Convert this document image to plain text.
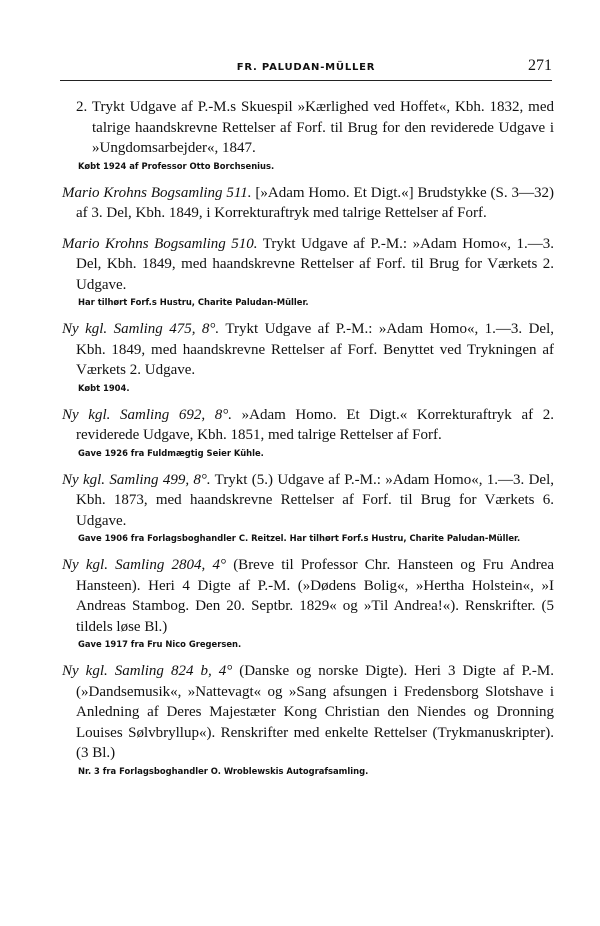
FR. PALUDAN-MÜLLER	271
2. Trykt Udgave af P.-M.s Skuespil »Kærlighed ved Hoffet«, Kbh. 1832, med talrige haandskrevne Rettelser af Forf. til Brug for den reviderede Udgave i »Ungdomsarbejder«, 1847.
Købt 1924 af Professor Otto Borchsenius.
Mario Krohns Bogsamling 511. [»Adam Homo. Et Digt.«] Brudstykke (S. 3—32) af 3. Del, Kbh. 1849, i Korrekturaftryk med talrige Rettelser af Forf.
Mario Krohns Bogsamling 510. Trykt Udgave af P.-M.: »Adam Homo«, 1.—3. Del, Kbh. 1849, med haandskrevne Rettelser af Forf. til Brug for Værkets 2. Udgave.
Har tilhørt Forf.s Hustru, Charite Paludan-Müller.
Ny kgl. Samling 475, 8°. Trykt Udgave af P.-M.: »Adam Homo«, 1.—3. Del, Kbh. 1849, med haandskrevne Rettelser af Forf. Benyttet ved Trykningen af Værkets 2. Udgave.
Købt 1904.
Ny kgl. Samling 692, 8°. »Adam Homo. Et Digt.« Korrekturaftryk af 2. reviderede Udgave, Kbh. 1851, med talrige Rettelser af Forf.
Gave 1926 fra Fuldmægtig Seier Kühle.
Ny kgl. Samling 499, 8°. Trykt (5.) Udgave af P.-M.: »Adam Homo«, 1.—3. Del, Kbh. 1873, med haandskrevne Rettelser af Forf. til Brug for Værkets 6. Udgave.
Gave 1906 fra Forlagsboghandler C. Reitzel. Har tilhørt Forf.s Hustru, Charite Paludan-Müller.
Ny kgl. Samling 2804, 4° (Breve til Professor Chr. Hansteen og Fru Andrea Hansteen). Heri 4 Digte af P.-M. (»Dødens Bolig«, »Hertha Holstein«, »I Andreas Stambog. Den 20. Septbr. 1829« og »Til Andrea!«). Renskrifter. (5 tildels løse Bl.)
Gave 1917 fra Fru Nico Gregersen.
Ny kgl. Samling 824 b, 4° (Danske og norske Digte). Heri 3 Digte af P.-M. (»Dandsemusik«, »Nattevagt« og »Sang afsungen i Fredensborg Slotshave i Anledning af Deres Majestæter Kong Christian den Niendes og Dronning Louises Sølvbryllup«). Renskrifter med enkelte Rettelser (Trykmanuskripter). (3 Bl.)
Nr. 3 fra Forlagsboghandler O. Wroblewskis Autografsamling.
